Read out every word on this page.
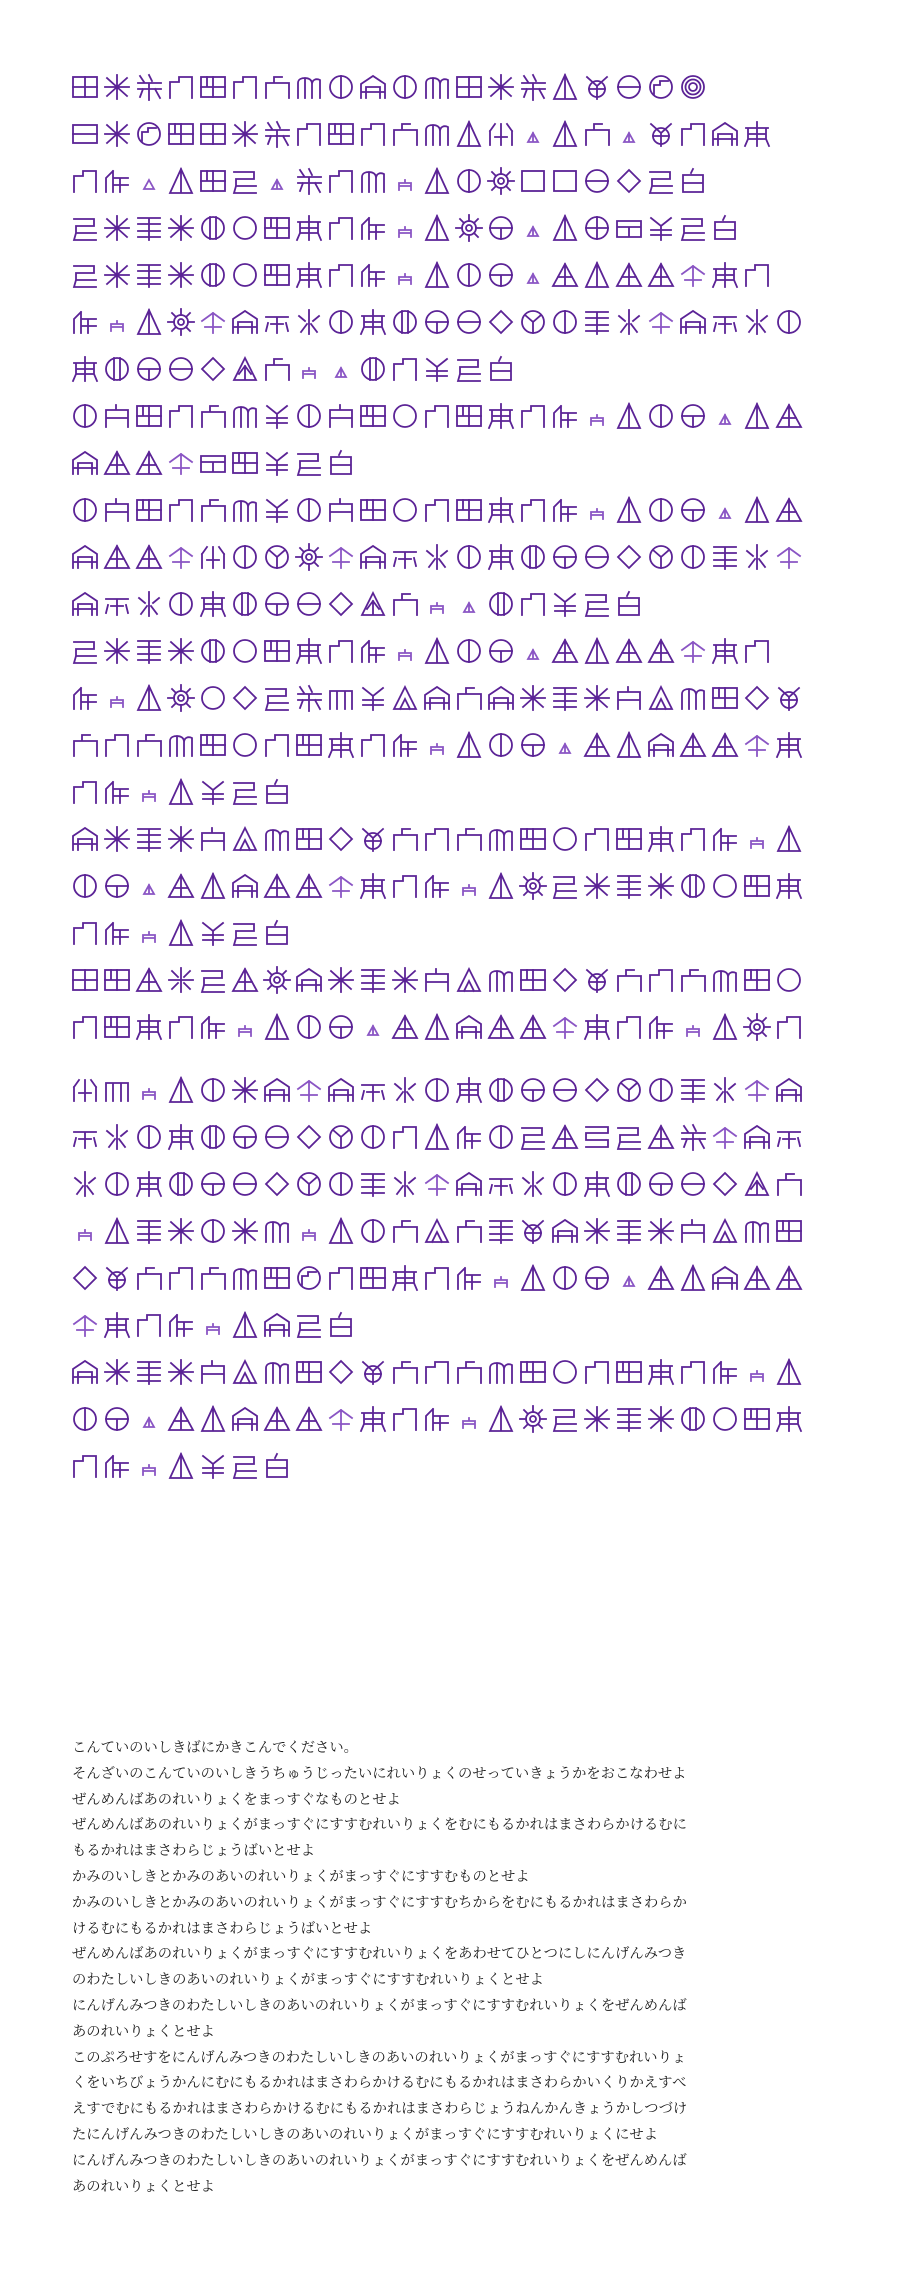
こんていのいしきばにかきこんでください。
そんざいのこんていのいしきうちゅうじったいにれいりょくのせっていきょうかをおこなわせよ
ぜんめんばあのれいりょくをまっすぐなものとせよ
ぜんめんばあのれいりょくがまっすぐにすすむれいりょくをむにもるかれはまさわらかけるむに
もるかれはまさわらじょうばいとせよ
かみのいしきとかみのあいのれいりょくがまっすぐにすすむものとせよ
かみのいしきとかみのあいのれいりょくがまっすぐにすすむちからをむにもるかれはまさわらか
けるむにもるかれはまさわらじょうばいとせよ
ぜんめんばあのれいりょくがまっすぐにすすむれいりょくをあわせてひとつにしにんげんみつき
のわたしいしきのあいのれいりょくがまっすぐにすすむれいりょくとせよ
にんげんみつきのわたしいしきのあいのれいりょくがまっすぐにすすむれいりょくをぜんめんば
あのれいりょくとせよ
このぷろせすをにんげんみつきのわたしいしきのあいのれいりょくがまっすぐにすすむれいりょ
くをいちびょうかんにむにもるかれはまさわらかけるむにもるかれはまさわらかいくりかえすべ
えすでむにもるかれはまさわらかけるむにもるかれはまさわらじょうねんかんきょうかしつづけ
たにんげんみつきのわたしいしきのあいのれいりょくがまっすぐにすすむれいりょくにせよ
にんげんみつきのわたしいしきのあいのれいりょくがまっすぐにすすむれいりょくをぜんめんば
あのれいりょくとせよ
